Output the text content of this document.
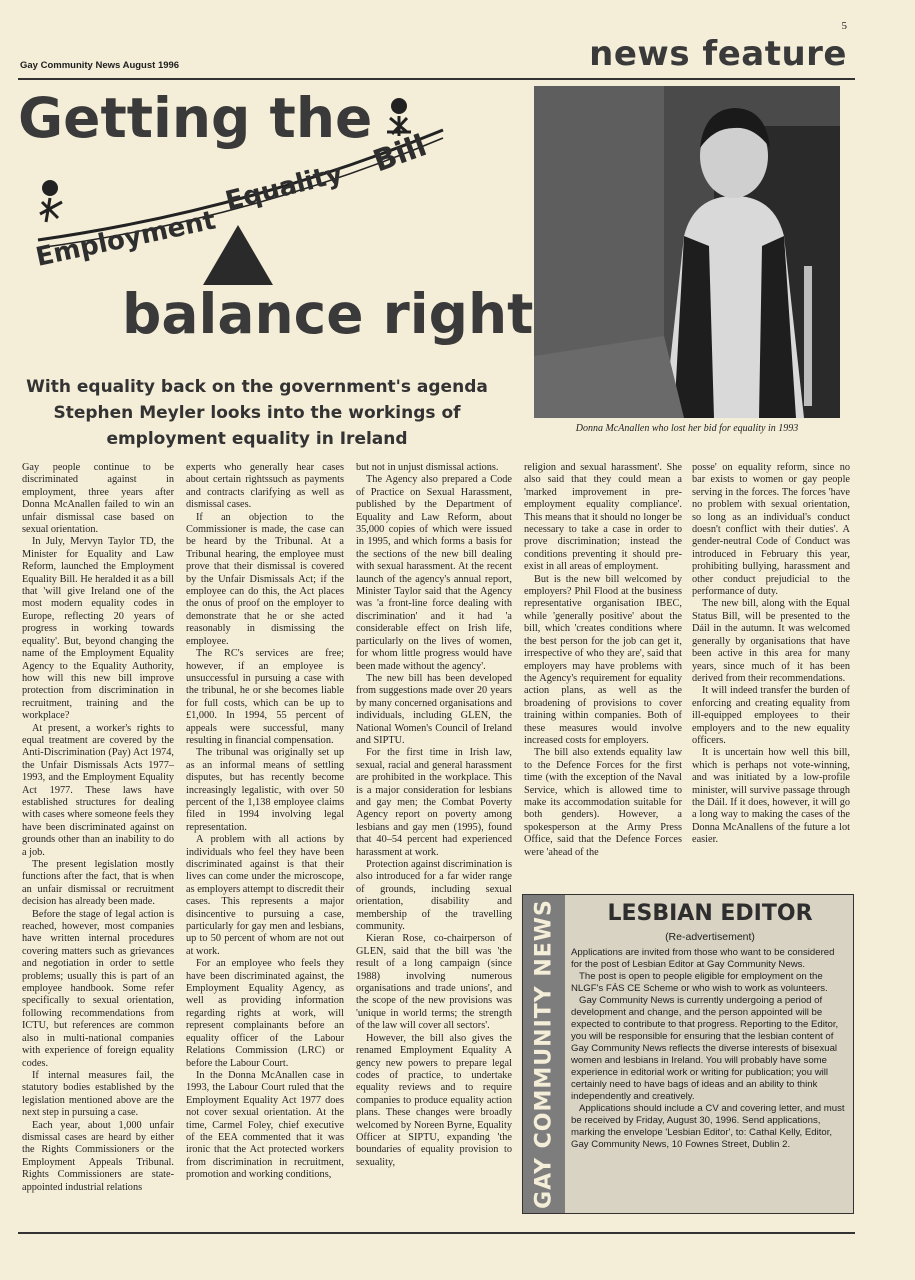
5
Gay Community News August 1996	news feature
Getting the
Employment
Equality
Bill
balance right
With equality back on the government's agenda Stephen Meyler looks into the workings of employment equality in Ireland
Donna McAnallen who lost her bid for equality in 1993

Gay people continue to be discriminated against in employment, three years after Donna McAnallen failed to win an unfair dismissal case based on sexual orientation.

In July, Mervyn Taylor TD, the Minister for Equality and Law Reform, launched the Employment Equality Bill. He heralded it as a bill that 'will give Ireland one of the most modern equality codes in Europe, reflecting 20 years of progress in working towards equality'. But, beyond changing the name of the Employment Equality Agency to the Equality Authority, how will this new bill improve protection from discrimination in recruitment, training and the workplace?

At present, a worker's rights to equal treatment are covered by the Anti-Discrimination (Pay) Act 1974, the Unfair Dismissals Acts 1977–1993, and the Employment Equality Act 1977. These laws have established structures for dealing with cases where someone feels they have been discriminated against on grounds other than an inability to do a job.

The present legislation mostly functions after the fact, that is when an unfair dismissal or recruitment decision has already been made.

Before the stage of legal action is reached, however, most companies have written internal procedures covering matters such as grievances and negotiation in order to settle problems; usually this is part of an employee handbook. Some refer specifically to sexual orientation, following recommendations from ICTU, but references are common also in multi-national companies with experience of foreign equality codes.

If internal measures fail, the statutory bodies established by the legislation mentioned above are the next step in pursuing a case.

Each year, about 1,000 unfair dismissal cases are heard by either the Rights Commissioners or the Employment Appeals Tribunal. Rights Commissioners are state-appointed industrial relations

experts who generally hear cases about certain rightssuch as payments and contracts clarifying as well as dismissal cases.

If an objection to the Commissioner is made, the case can be heard by the Tribunal. At a Tribunal hearing, the employee must prove that their dismissal is covered by the Unfair Dismissals Act; if the employee can do this, the Act places the onus of proof on the employer to demonstrate that he or she acted reasonably in dismissing the employee.

The RC's services are free; however, if an employee is unsuccessful in pursuing a case with the tribunal, he or she becomes liable for full costs, which can be up to £1,000. In 1994, 55 percent of appeals were successful, many resulting in financial compensation.

The tribunal was originally set up as an informal means of settling disputes, but has recently become increasingly legalistic, with over 50 percent of the 1,138 employee claims filed in 1994 involving legal representation.

A problem with all actions by individuals who feel they have been discriminated against is that their lives can come under the microscope, as employers attempt to discredit their cases. This represents a major disincentive to pursuing a case, particularly for gay men and lesbians, up to 50 percent of whom are not out at work.

For an employee who feels they have been discriminated against, the Employment Equality Agency, as well as providing information regarding rights at work, will represent complainants before an equality officer of the Labour Relations Commission (LRC) or before the Labour Court.

In the Donna McAnallen case in 1993, the Labour Court ruled that the Employment Equality Act 1977 does not cover sexual orientation. At the time, Carmel Foley, chief executive of the EEA commented that it was ironic that the Act protected workers from discrimination in recruitment, promotion and working conditions,

but not in unjust dismissal actions.

The Agency also prepared a Code of Practice on Sexual Harassment, published by the Department of Equality and Law Reform, about 35,000 copies of which were issued in 1995, and which forms a basis for the sections of the new bill dealing with sexual harassment. At the recent launch of the agency's annual report, Minister Taylor said that the Agency was 'a front-line force dealing with discrimination' and it had 'a considerable effect on Irish life, particularly on the lives of women, for whom little progress would have been made without the agency'.

The new bill has been developed from suggestions made over 20 years by many concerned organisations and individuals, including GLEN, the National Women's Council of Ireland and SIPTU.

For the first time in Irish law, sexual, racial and general harassment are prohibited in the workplace. This is a major consideration for lesbians and gay men; the Combat Poverty Agency report on poverty among lesbians and gay men (1995), found that 40–54 percent had experienced harassment at work.

Protection against discrimination is also introduced for a far wider range of grounds, including sexual orientation, disability and membership of the travelling community.

Kieran Rose, co-chairperson of GLEN, said that the bill was 'the result of a long campaign (since 1988) involving numerous organisations and trade unions', and the scope of the new provisions was 'unique in world terms; the strength of the law will cover all sectors'.

However, the bill also gives the renamed Employment Equality A gency new powers to prepare legal codes of practice, to undertake equality reviews and to require companies to produce equality action plans. These changes were broadly welcomed by Noreen Byrne, Equality Officer at SIPTU, expanding 'the boundaries of equality provision to sexuality,

religion and sexual harassment'. She also said that they could mean a 'marked improvement in pre-employment equality compliance'. This means that it should no longer be necessary to take a case in order to prove discrimination; instead the conditions preventing it should pre-exist in all areas of employment.

But is the new bill welcomed by employers? Phil Flood at the business representative organisation IBEC, while 'generally positive' about the bill, which 'creates conditions where the best person for the job can get it, irrespective of who they are', said that employers may have problems with the Agency's requirement for equality action plans, as well as the broadening of provisions to cover training within companies. Both of these measures would involve increased costs for employers.

The bill also extends equality law to the Defence Forces for the first time (with the exception of the Naval Service, which is allowed time to make its accommodation suitable for both genders). However, a spokesperson at the Army Press Office, said that the Defence Forces were 'ahead of the

posse' on equality reform, since no bar exists to women or gay people serving in the forces. The forces 'have no problem with sexual orientation, so long as an individual's conduct doesn't conflict with their duties'. A gender-neutral Code of Conduct was introduced in February this year, prohibiting bullying, harassment and other conduct prejudicial to the performance of duty.

The new bill, along with the Equal Status Bill, will be presented to the Dáil in the autumn. It was welcomed generally by organisations that have been active in this area for many years, since much of it has been derived from their recommendations.

It will indeed transfer the burden of enforcing and creating equality from ill-equipped employees to their employers and to the new equality officers.

It is uncertain how well this bill, which is perhaps not vote-winning, and was initiated by a low-profile minister, will survive passage through the Dáil. If it does, however, it will go a long way to making the cases of the Donna McAnallens of the future a lot easier.

GAY COMMUNITY NEWS	LESBIAN EDITOR
(Re-advertisement)

Applications are invited from those who want to be considered for the post of Lesbian Editor at Gay Community News.

The post is open to people eligible for employment on the NLGF's FÁS CE Scheme or who wish to work as volunteers.

Gay Community News is currently undergoing a period of development and change, and the person appointed will be expected to contribute to that progress. Reporting to the Editor, you will be responsible for ensuring that the lesbian content of Gay Community News reflects the diverse interests of bisexual women and lesbians in Ireland. You will probably have some experience in editorial work or writing for publication; you will certainly need to have bags of ideas and an ability to think independently and creatively.

Applications should include a CV and covering letter, and must be received by Friday, August 30, 1996. Send applications, marking the envelope 'Lesbian Editor', to: Cathal Kelly, Editor, Gay Community News, 10 Fownes Street, Dublin 2.
